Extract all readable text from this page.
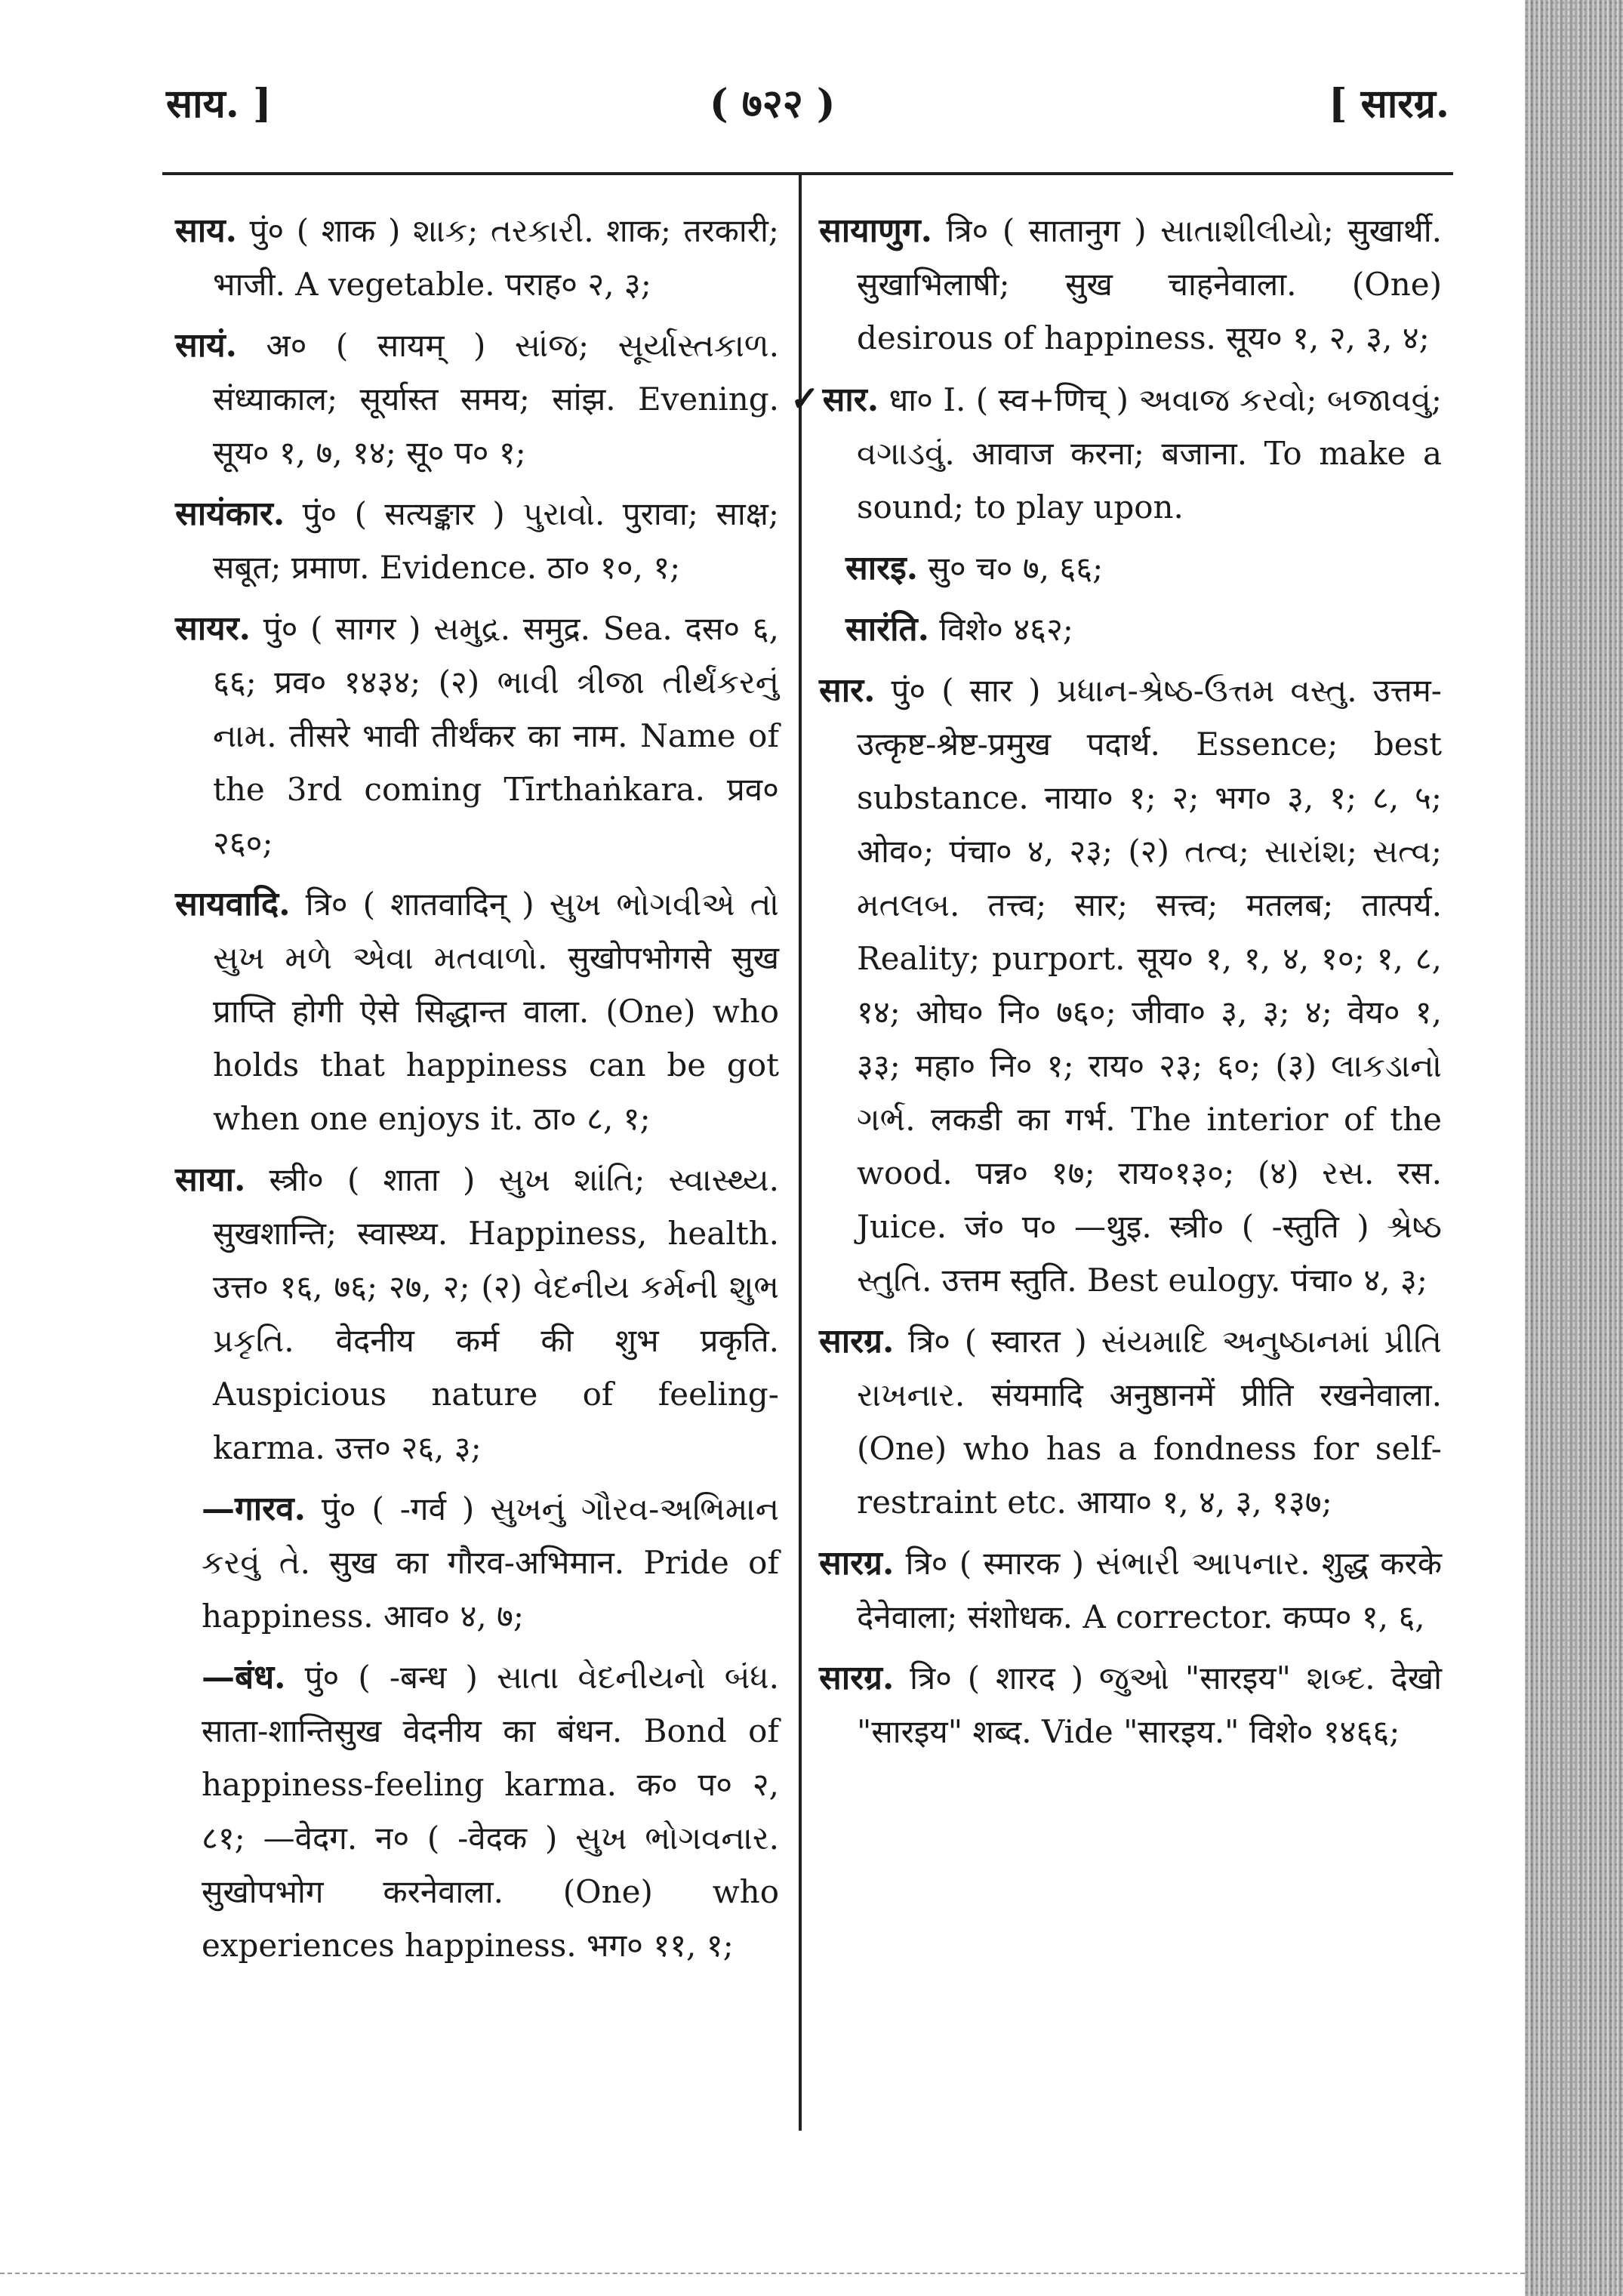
साय. ]	( ७२२ )	[ सारग्र.

साय. पुं० ( शाक ) શાક; તરકારી. शाक; तरकारी; भाजी. A vegetable. पराह० २, ३;

सायं. अ० ( सायम् ) સાંજ; સૂર્યાસ્તકાળ. संध्याकाल; सूर्यास्त समय; सांझ. Evening. सूय० १, ७, १४; सू० प० १;

सायंकार. पुं० ( सत्यङ्कार ) પુરાવો. पुरावा; साक्ष; सबूत; प्रमाण. Evidence. ठा० १०, १;

सायर. पुं० ( सागर ) સમુદ્ર. समुद्र. Sea. दस० ६, ६६; प्रव० १४३४; (२) ભાવી ત્રીજા તીર્થંકરનું નામ. तीसरे भावी तीर्थंकर का नाम. Name of the 3rd coming Tīrthaṅkara. प्रव० २६०;

सायवादि. त्रि० ( शातवादिन् ) સુખ ભોગવીએ તો સુખ મળે એવા મતવાળો. सुखोपभोगसे सुख प्राप्ति होगी ऐसे सिद्धान्त वाला. (One) who holds that happiness can be got when one enjoys it. ठा० ८, १;

साया. स्त्री० ( शाता ) સુખ શાંતિ; સ્વાસ્થ્ય. सुखशान्ति; स्वास्थ्य. Happiness, health. उत्त० १६, ७६; २७, २; (२) વેદનીય કર્મની શુભ પ્રકૃતિ. वेदनीय कर्म की शुभ प्रकृति. Auspicious nature of feeling-karma. उत्त० २६, ३;

—गारव. पुं० ( -गर्व ) સુખનું ગૌરવ-અભિમાન કરવું તે. सुख का गौरव-अभिमान. Pride of happiness. आव० ४, ७;

—बंध. पुं० ( -बन्ध ) સાતા વેદનીયનો બંધ. साता-शान्तिसुख वेदनीय का बंधन. Bond of happiness-feeling karma. क० प० २, ८१; —वेदग. न० ( -वेदक ) સુખ ભોગવનાર. सुखोपभोग करनेवाला. (One) who experiences happiness. भग० ११, १;

सायाणुग. त्रि० ( सातानुग ) સાતાશીલીયો; सुखार्थी. सुखाभिलाषी; सुख चाहनेवाला. (One) desirous of happiness. सूय० १, २, ३, ४;

✓सार. धा० I. ( स्व+णिच् ) અવાજ કરવો; બજાવવું; વગાડવું. आवाज करना; बजाना. To make a sound; to play upon.

सारइ. सु० च० ७, ६६;

सारंति. विशे० ४६२;

सार. पुं० ( सार ) પ્રધાન-શ્રેષ્ઠ-ઉત્તમ વસ્તુ. उत्तम-उत्कृष्ट-श्रेष्ट-प्रमुख पदार्थ. Essence; best substance. नाया० १; २; भग० ३, १; ८, ५; ओव०; पंचा० ४, २३; (२) તત્વ; સારાંશ; સત્વ; મતલબ. तत्त्व; सार; सत्त्व; मतलब; तात्पर्य. Reality; purport. सूय० १, १, ४, १०; १, ८, १४; ओघ० नि० ७६०; जीवा० ३, ३; ४; वेय० १, ३३; महा० नि० १; राय० २३; ६०; (३) લાકડાનો ગર્ભ. लकडी का गर्भ. The interior of the wood. पन्न० १७; राय०१३०; (४) રસ. रस. Juice. जं० प० —थुइ. स्त्री० ( -स्तुति ) શ્રેષ્ઠ સ્તુતિ. उत्तम स्तुति. Best eulogy. पंचा० ४, ३;

सारग्र. त्रि० ( स्वारत ) સંયમાદિ અનુષ્ઠાનમાં પ્રીતિ રાખનાર. संयमादि अनुष्ठानमें प्रीति रखनेवाला. (One) who has a fondness for self-restraint etc. आया० १, ४, ३, १३७;

सारग्र. त्रि० ( स्मारक ) સંભારી આપનાર. शुद्ध करके देनेवाला; संशोधक. A corrector. कप्प० १, ६,

सारग्र. त्रि० ( शारद ) જુઓ "सारइय" શબ્દ. देखो "सारइय" शब्द. Vide "सारइय." विशे० १४६६;
